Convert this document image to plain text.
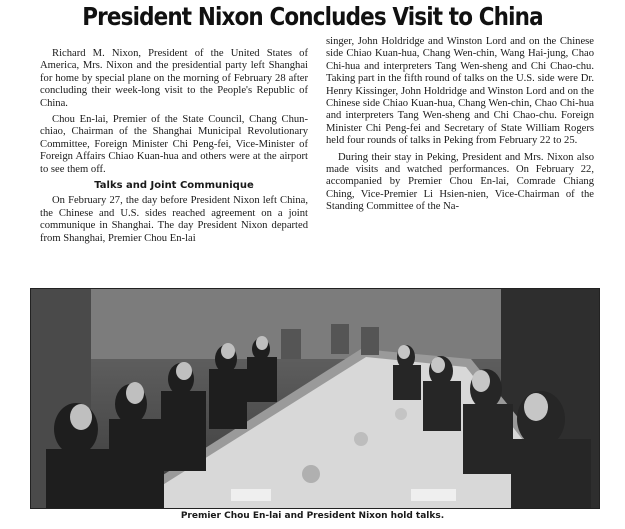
President Nixon Concludes Visit to China

Richard M. Nixon, President of the United States of America, Mrs. Nixon and the presidential party left Shanghai for home by special plane on the morning of February 28 after concluding their week-long visit to the People's Republic of China.

Chou En-lai, Premier of the State Council, Chang Chun-chiao, Chairman of the Shanghai Municipal Revolutionary Committee, Foreign Minister Chi Peng-fei, Vice-Minister of Foreign Affairs Chiao Kuan-hua and others were at the airport to see them off.

Talks and Joint Communique

On February 27, the day before President Nixon left China, the Chinese and U.S. sides reached agreement on a joint communique in Shanghai. The day President Nixon departed from Shanghai, Premier Chou En-lai

singer, John Holdridge and Winston Lord and on the Chinese side Chiao Kuan-hua, Chang Wen-chin, Wang Hai-jung, Chao Chi-hua and interpreters Tang Wen-sheng and Chi Chao-chu. Taking part in the fifth round of talks on the U.S. side were Dr. Henry Kissinger, John Holdridge and Winston Lord and on the Chinese side Chiao Kuan-hua, Chang Wen-chin, Chao Chi-hua and interpreters Tang Wen-sheng and Chi Chao-chu. Foreign Minister Chi Peng-fei and Secretary of State William Rogers held four rounds of talks in Peking from February 22 to 25.

During their stay in Peking, President and Mrs. Nixon also made visits and watched performances. On February 22, accompanied by Premier Chou En-lai, Comrade Chiang Ching, Vice-Premier Li Hsien-nien, Vice-Chairman of the Standing Committee of the Na-

Premier Chou En-lai and President Nixon hold talks.
